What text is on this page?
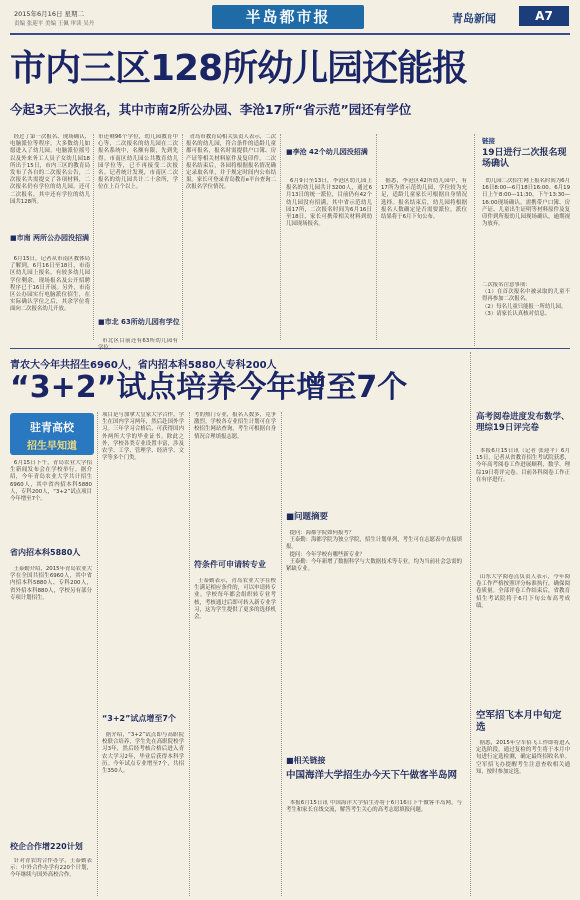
2015年6月16日 星期二
责编 张迎平 美编 王佩 审读 吴丹	半岛都市报	青岛新闻	A7
市内三区128所幼儿园还能报
今起3天二次报名，其中市南2所公办园、李沧17所“省示范”园还有学位
经过了第一次报名、现场确认，电脑派位等程序，大多数幼儿如愿进入了幼儿园。电脑派位摇号以及外来务工人员子女幼儿园18所出于15日，市内三区的教育局发布了各自的二次报名公告，二次报名共需提交了各项材料，二次报名仍有学位的幼儿园，还可二次报名，其中还有学位的幼儿园共128所。
■市南 两所公办园没招满
6月15日，记者从市南区教体局了解到，6月16日至18日，市南区幼儿园上报名，有较多幼儿园学位剩余，现场报名及公开招聘程序已于16日开展。另外，市南区公办园实行电脑派位招生，在实际确认学位之后，其余学位将面向二次报名幼儿开放。
市还剩96个学位，幼儿园教育中心等，二次报名的幼儿园在二次报名系统中，名额有限，先到先得。市南区幼儿园公共教育幼儿园学位等，已不再接受二次报名。记者统计发现，市南区二次报名的幼儿园共计二十余所，学位在上百个以上。
■市北 63所幼儿园有学位
市北区目前还有63所幼儿园有
青岛市教育局相关负责人表示，二次报名的幼儿园，符合条件的适龄儿童都可报名，报名时需提供户口簿、房产证等相关材料原件及复印件。二次报名结束后，各园将根据报名情况确定录取名单，并于规定时间内公布结果。家长可登录青岛教育e平台查询二次报名学位情况。
■李沧 42个幼儿园没招满
6月9日至13日，李沧区幼儿园上报名的幼儿园共计3200人，通过6月13日的统一派位，目前仍有42个幼儿园没有招满，其中省示范幼儿园17所，二次报名时间为6月16日至18日，家长可携带相关材料到幼儿园现场报名。
据悉，李沧区42所幼儿园中，有17所为省示范幼儿园，学位较为充足，适龄儿童家长可根据自身情况选择。报名结束后，幼儿园将根据报名人数确定是否需要派位，派位结果将于6月下旬公布。
链接
19日进行二次报名现场确认
幼儿园二次招生网上报名时间为6月16日8:00—6月18日16:00。6月19日上午8:00—11:30，下午13:30—16:00现场确认。需携带户口簿、房产证、儿童出生证明等材料原件及复印件到所报幼儿园现场确认，逾期视为放弃。
二次报名注意事项：
（1）在首次报名中被录取的儿童不得再参加二次报名。
（2）每名儿童只能报一所幼儿园。
（3）请家长认真核对信息。
青农大今年共招生6960人，省内招本科5880人专科200人
“3+2”试点培养今年增至7个
驻青高校
招生早知道
6月15日下午，青岛农业大学招生新闻发布会在学校举行。据介绍，今年青岛农业大学共计招生6960人，其中省内招本科5880人，专科200人，“3+2”试点项目今年增至7个。
省内招本科5880人
王泰勤介绍，2015年青岛农业大学在全国共招生6960人，其中省内招本科5880人、专科200人，省外招本科880人，学校另有部分专项计划招生。
校企合作增220计划
针对青农的合作办学，王泰勤表示：中外合作办学有220个计划，今年继续与国外高校合作。
项目是与加拿大皇家大学合作，学生在国内学习两年，然后赴国外学习。三年学习合格后，可获得国内外两所大学的毕业证书。除此之外，学校各类专业设置丰富，涉及农学、工学、管理学、经济学、文学等多个门类。
“3+2”试点增至7个
据介绍，“3+2”试点即与高职院校联合培养，学生先在高职院校学习3年，然后经考核合格后进入青农大学习2年，毕业后获得本科学历。今年试点专业增至7个，共招生350人。
考的热门专业，报名人数多，竞争激烈。学校各专业招生计划可在学校招生网站查询，考生可根据自身情况合理填报志愿。
符条件可申请转专业
王泰勤表示，青岛农业大学在校生满足相应条件的，可以申请转专业。学校每年都会组织转专业考核，考核通过后即可转入新专业学习，这为学生提供了更多的选择机会。
■问题摘要
提问：海都学院如何报考？
王泰勤：海都学院为独立学院，招生计划单列，考生可在志愿表中直接填报。
提问：今年学校有哪些新专业？
王泰勤：今年新增了数据科学与大数据技术等专业，均为当前社会急需的紧缺专业。
■相关链接
中国海洋大学招生办今天下午做客半岛网
本报6月15日讯 中国海洋大学招生办将于6月16日下午做客半岛网，与考生和家长在线交流，解答考生关心的高考志愿填报问题。
高考阅卷进度发布数学、理综19日评完卷
本报6月15日讯（记者 张迎平）6月15日，记者从省教育招生考试院获悉，今年高考阅卷工作进展顺利，数学、理综19日将评完卷。目前各科阅卷工作正在有序进行。
山东大学阅卷点负责人表示，今年阅卷工作严格按照评分标准执行，确保阅卷质量。全部评卷工作结束后，省教育招生考试院将于6月下旬公布高考成绩。
空军招飞本月中旬定选
据悉，2015年空军招飞工作即将进入定选阶段，通过复检的考生将于本月中旬进行定选检测，确定最终招收名单。空军招飞办提醒考生注意查收相关通知，按时参加定选。
